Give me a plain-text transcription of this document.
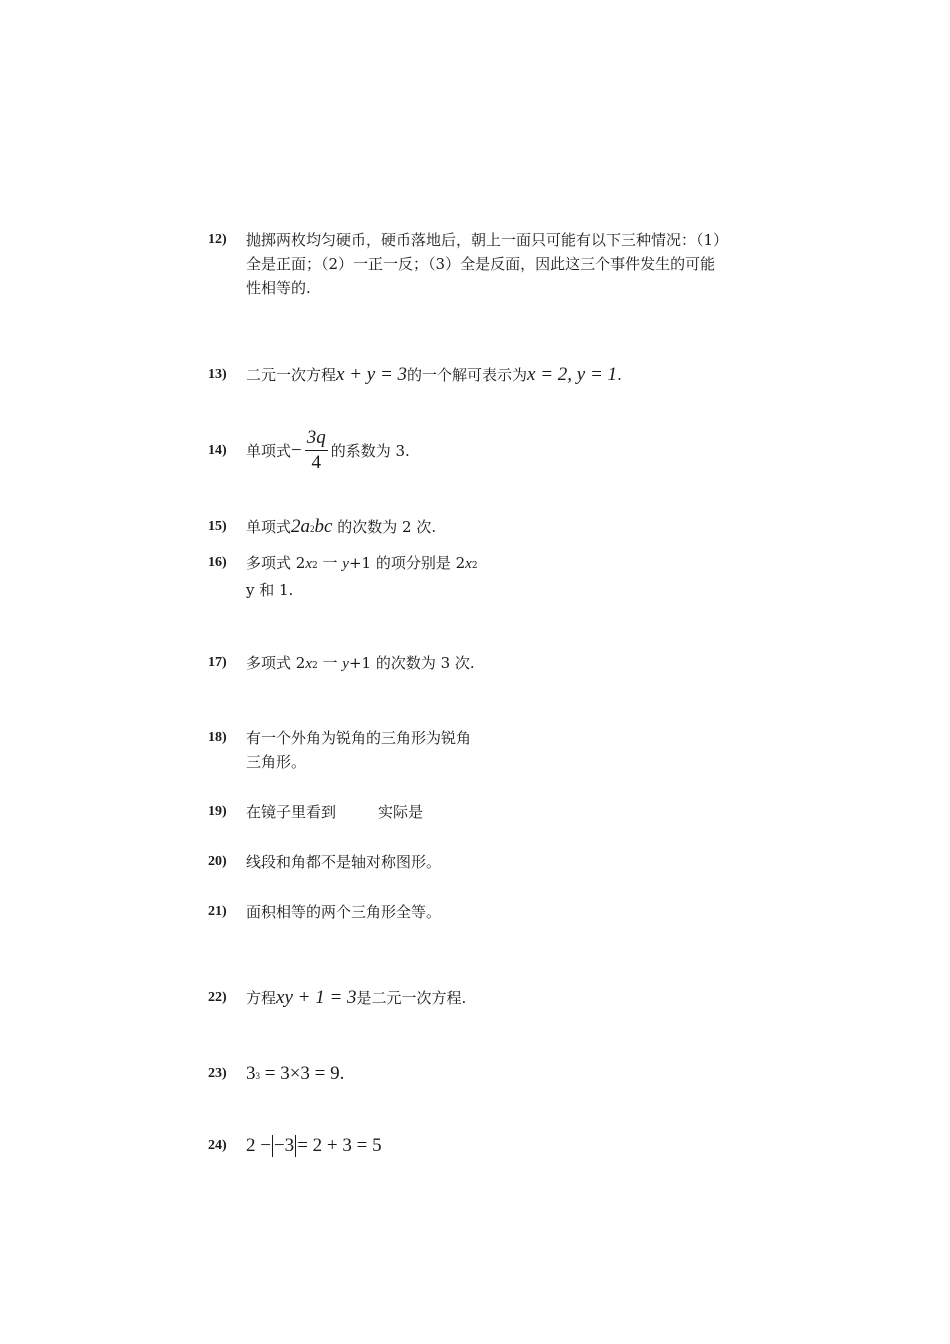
12)	抛掷两枚均匀硬币，硬币落地后，朝上一面只可能有以下三种情况：（1）全是正面；（2）一正一反；（3）全是反面，因此这三个事件发生的可能性相等的.
13)	二元一次方程x + y = 3的一个解可表示为x = 2, y = 1.
14)	单项式 − $\frac{3q}{4}$ 的系数为 3.
15)	单项式2a2bc 的次数为 2 次.
16)	多项式 2x2 一 y+1 的项分别是 2x2
y 和 1.
17)	多项式 2x2 一 y+1 的次数为 3 次.
18)	有一个外角为锐角的三角形为锐角
三角形。
19)	在镜子里看到	实际是
20)	线段和角都不是轴对称图形。
21)	面积相等的两个三角形全等。
22)	方程xy + 1 = 3是二元一次方程.
23)	33 = 3×3 = 9.
24)	2 − −3 = 2 + 3 = 5
